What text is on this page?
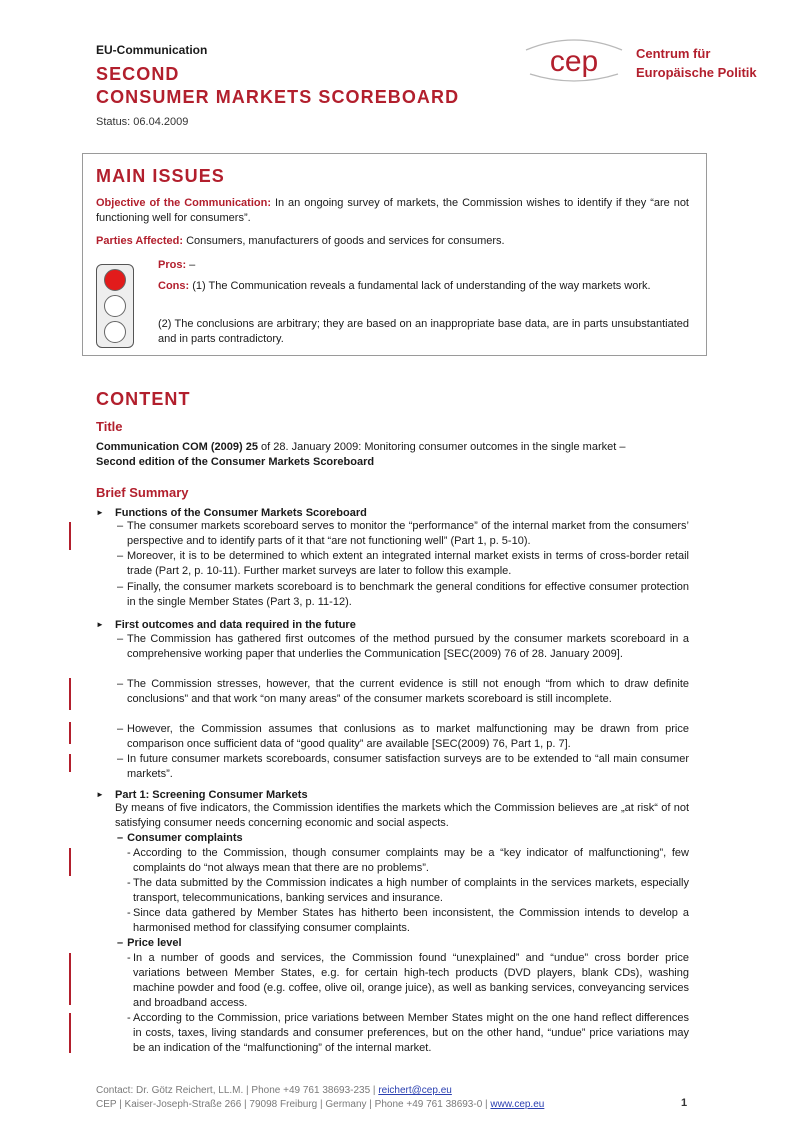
EU-Communication
SECOND
CONSUMER MARKETS SCOREBOARD
Status: 06.04.2009
cep	Centrum für
Europäische Politik
MAIN ISSUES
Objective of the Communication: In an ongoing survey of markets, the Commission wishes to identify if they “are not functioning well for consumers”.
Parties Affected: Consumers, manufacturers of goods and services for consumers.
Pros: –
Cons: (1) The Communication reveals a fundamental lack of understanding of the way markets work.
(2) The conclusions are arbitrary; they are based on an inappropriate base data, are in parts unsubstantiated and in parts contradictory.
CONTENT
Title
Communication COM (2009) 25 of 28. January 2009: Monitoring consumer outcomes in the single market –
Second edition of the Consumer Markets Scoreboard
Brief Summary
► Functions of the Consumer Markets Scoreboard
– The consumer markets scoreboard serves to monitor the “performance” of the internal market from the consumers’ perspective and to identify parts of it that “are not functioning well” (Part 1, p. 5-10).
– Moreover, it is to be determined to which extent an integrated internal market exists in terms of cross-border retail trade (Part 2, p. 10-11). Further market surveys are later to follow this example.
– Finally, the consumer markets scoreboard is to benchmark the general conditions for effective consumer protection in the single Member States (Part 3, p. 11-12).
► First outcomes and data required in the future
– The Commission has gathered first outcomes of the method pursued by the consumer markets scoreboard in a comprehensive working paper that underlies the Communication [SEC(2009) 76 of 28. January 2009].
– The Commission stresses, however, that the current evidence is still not enough “from which to draw definite conclusions” and that work “on many areas” of the consumer markets scoreboard is still incomplete.
– However, the Commission assumes that conlusions as to market malfunctioning may be drawn from price comparison once sufficient data of “good quality” are available [SEC(2009) 76, Part 1, p. 7].
– In future consumer markets scoreboards, consumer satisfaction surveys are to be extended to “all main consumer markets”.
► Part 1: Screening Consumer Markets
By means of five indicators, the Commission identifies the markets which the Commission believes are „at risk“ of not satisfying consumer needs concerning economic and social aspects.
– Consumer complaints
- According to the Commission, though consumer complaints may be a “key indicator of malfunctioning”, few complaints do “not always mean that there are no problems”.
- The data submitted by the Commission indicates a high number of complaints in the services markets, especially transport, telecommunications, banking services and insurance.
- Since data gathered by Member States has hitherto been inconsistent, the Commission intends to develop a harmonised method for classifying consumer complaints.
– Price level
- In a number of goods and services, the Commission found “unexplained” and “undue” cross border price variations between Member States, e.g. for certain high-tech products (DVD players, blank CDs), washing machine powder and food (e.g. coffee, olive oil, orange juice), as well as banking services, conveyancing services and broadband access.
- According to the Commission, price variations between Member States might on the one hand reflect differences in costs, taxes, living standards and consumer preferences, but on the other hand, “undue” price variations may be an indication of the “malfunctioning” of the internal market.
Contact: Dr. Götz Reichert, LL.M. | Phone +49 761 38693-235 | reichert@cep.eu
CEP | Kaiser-Joseph-Straße 266 | 79098 Freiburg | Germany | Phone +49 761 38693-0 | www.cep.eu	1
